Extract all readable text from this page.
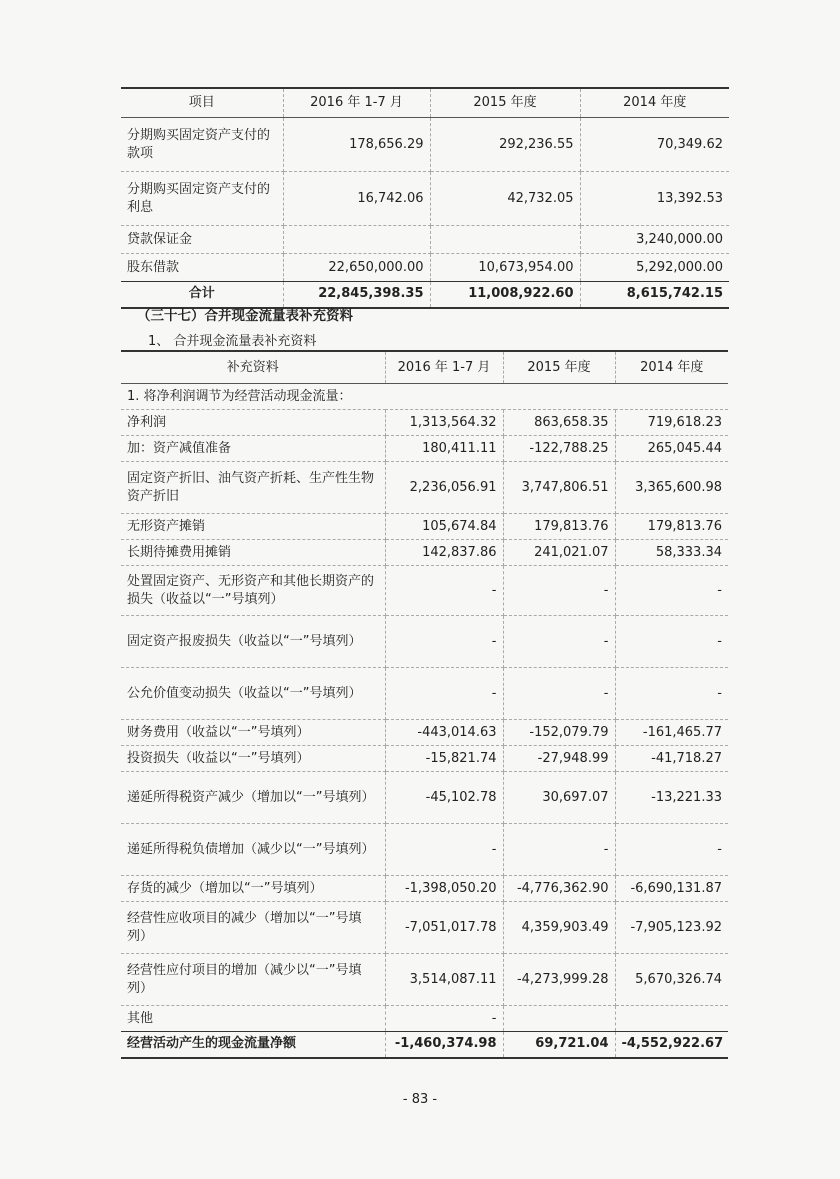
项目	2016 年 1-7 月	2015 年度	2014 年度
分期购买固定资产支付的款项	178,656.29	292,236.55	70,349.62
分期购买固定资产支付的利息	16,742.06	42,732.05	13,392.53
贷款保证金			3,240,000.00
股东借款	22,650,000.00	10,673,954.00	5,292,000.00
合计	22,845,398.35	11,008,922.60	8,615,742.15
（三十七）合并现金流量表补充资料
1、 合并现金流量表补充资料
补充资料	2016 年 1-7 月	2015 年度	2014 年度
1. 将净利润调节为经营活动现金流量：			
净利润	1,313,564.32	863,658.35	719,618.23
加：资产减值准备	180,411.11	-122,788.25	265,045.44
固定资产折旧、油气资产折耗、生产性生物资产折旧	2,236,056.91	3,747,806.51	3,365,600.98
无形资产摊销	105,674.84	179,813.76	179,813.76
长期待摊费用摊销	142,837.86	241,021.07	58,333.34
处置固定资产、无形资产和其他长期资产的损失（收益以“一”号填列）	-	-	-
固定资产报废损失（收益以“一”号填列）	-	-	-
公允价值变动损失（收益以“一”号填列）	-	-	-
财务费用（收益以“一”号填列）	-443,014.63	-152,079.79	-161,465.77
投资损失（收益以“一”号填列）	-15,821.74	-27,948.99	-41,718.27
递延所得税资产减少（增加以“一”号填列）	-45,102.78	30,697.07	-13,221.33
递延所得税负债增加（减少以“一”号填列）	-	-	-
存货的减少（增加以“一”号填列）	-1,398,050.20	-4,776,362.90	-6,690,131.87
经营性应收项目的减少（增加以“一”号填列）	-7,051,017.78	4,359,903.49	-7,905,123.92
经营性应付项目的增加（减少以“一”号填列）	3,514,087.11	-4,273,999.28	5,670,326.74
其他	-		
经营活动产生的现金流量净额	-1,460,374.98	69,721.04	-4,552,922.67
- 83 -
